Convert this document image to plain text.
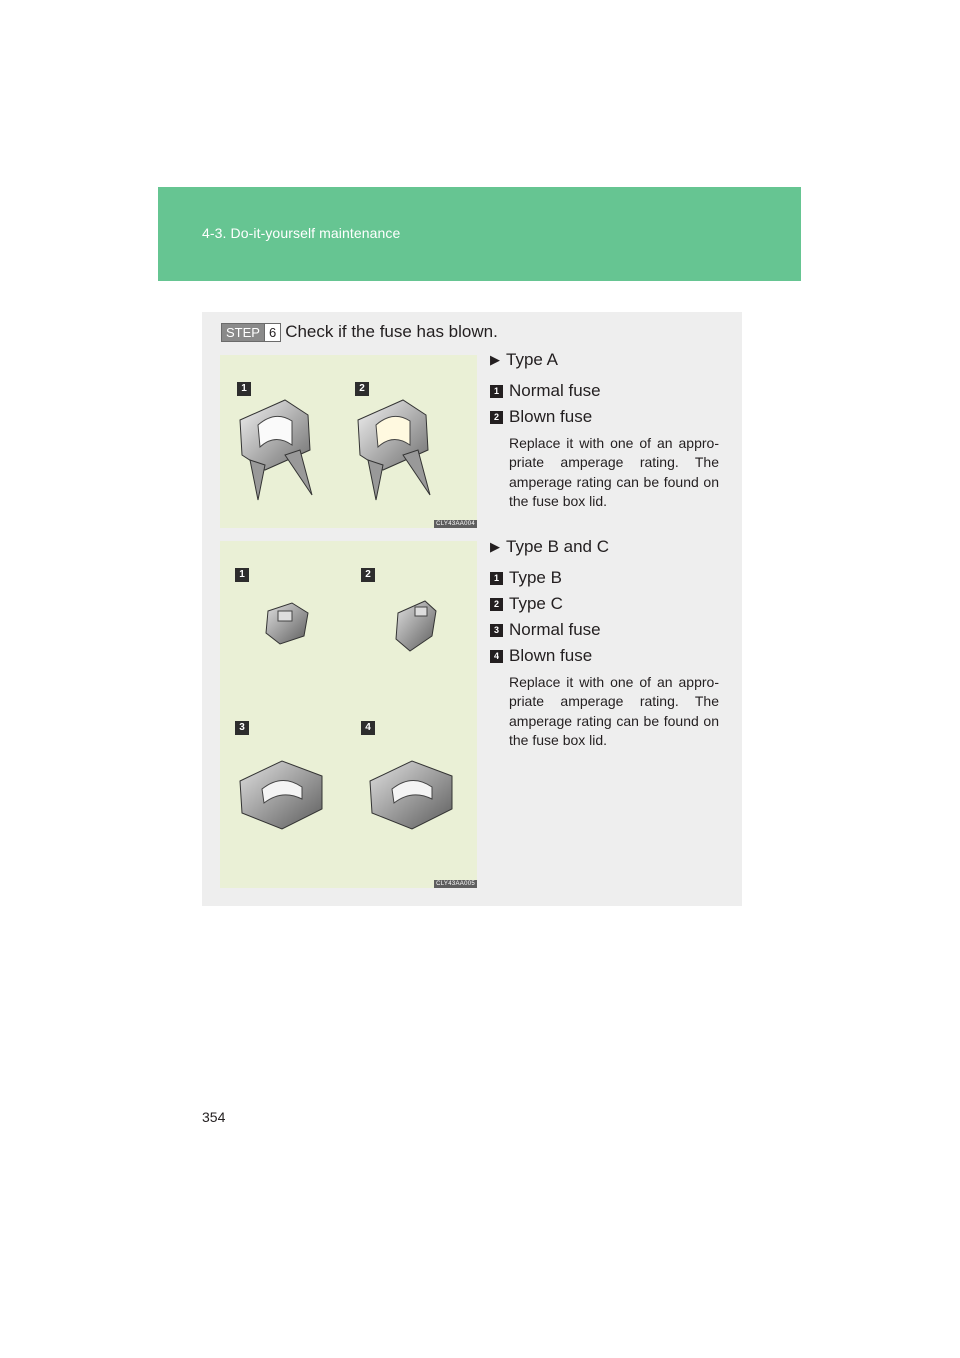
4-3. Do-it-yourself maintenance
STEP 6 Check if the fuse has blown.
1	2
CLY43AA004
▶ Type A
1 Normal fuse
2 Blown fuse
Replace it with one of an appro-priate amperage rating. The amperage rating can be found on the fuse box lid.
1	2
3	4
CLY43AA005
▶ Type B and C
1 Type B
2 Type C
3 Normal fuse
4 Blown fuse
Replace it with one of an appro-priate amperage rating. The amperage rating can be found on the fuse box lid.
354
